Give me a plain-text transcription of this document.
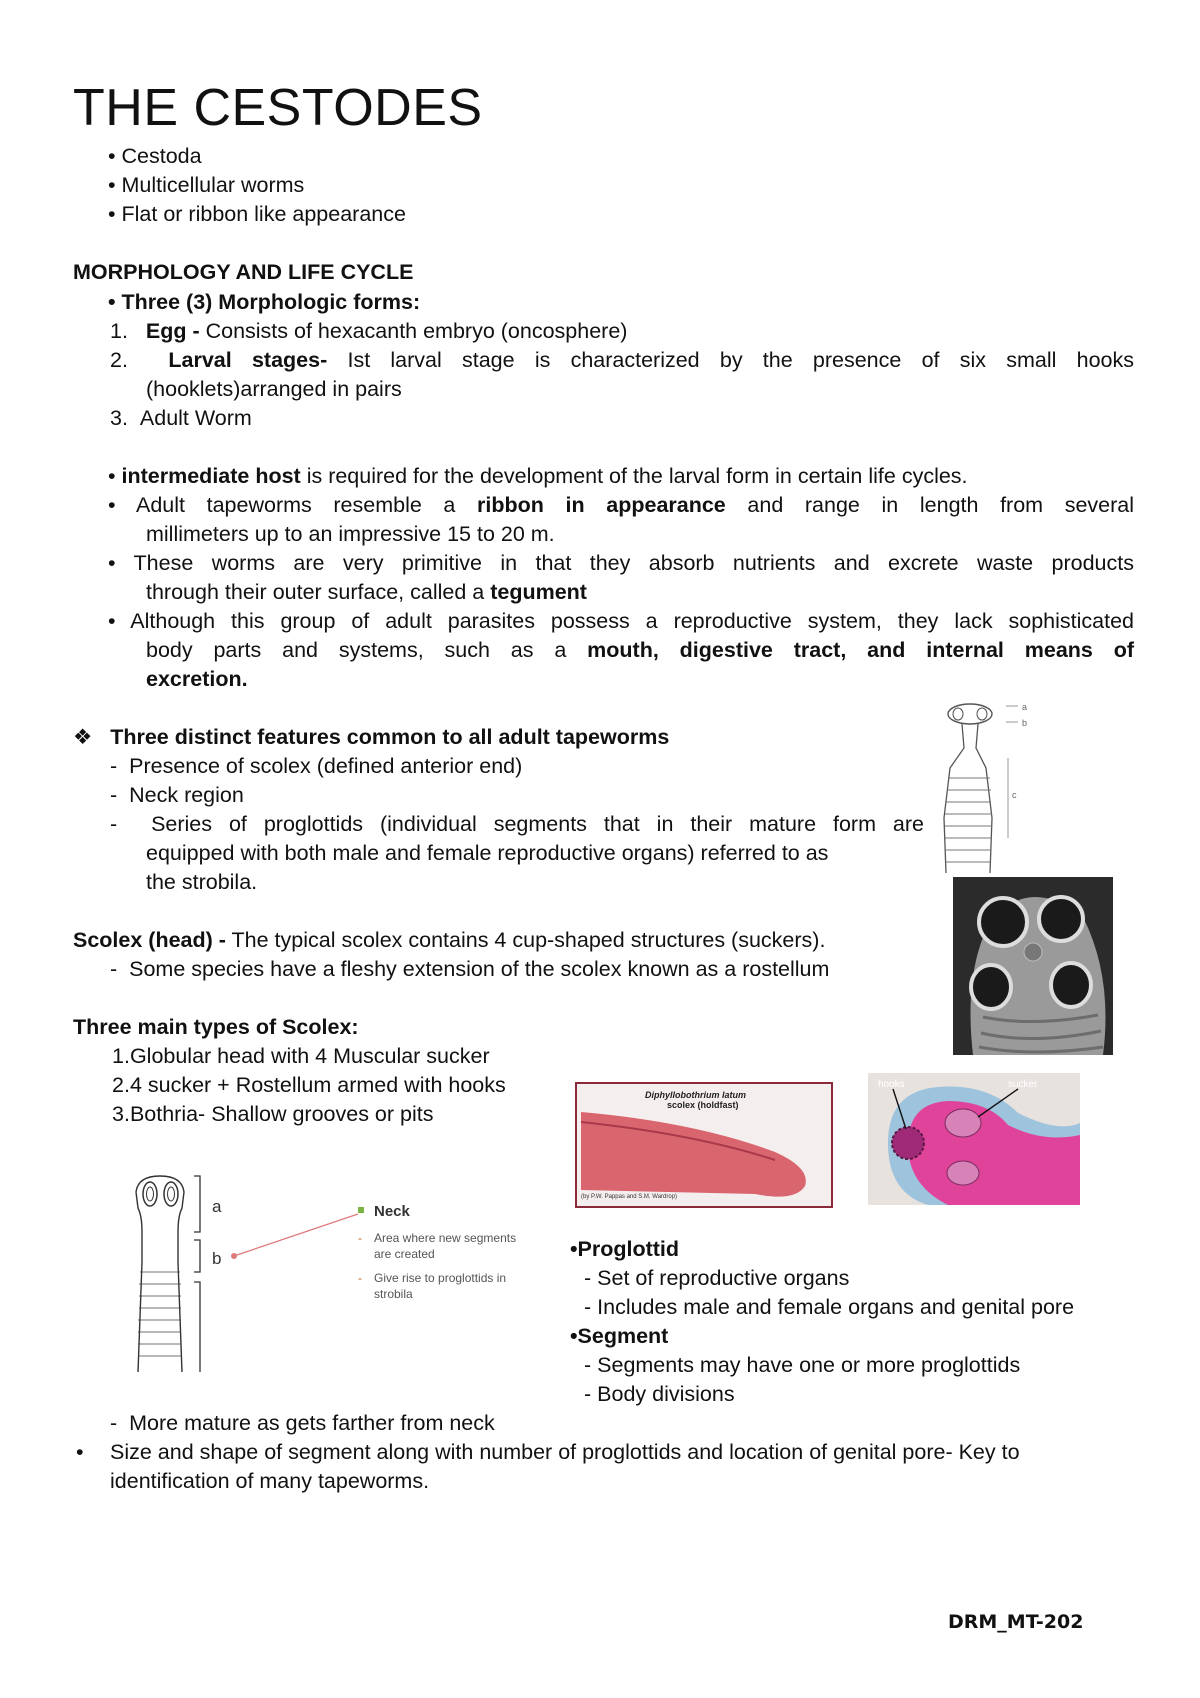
THE CESTODES
• Cestoda
• Multicellular worms
• Flat or ribbon like appearance
MORPHOLOGY AND LIFE CYCLE
• Three (3) Morphologic forms:
1. Egg - Consists of hexacanth embryo (oncosphere)
2. Larval stages- Ist larval stage is characterized by the presence of six small hooks
(hooklets)arranged in pairs
3. Adult Worm
• intermediate host is required for the development of the larval form in certain life cycles.
• Adult tapeworms resemble a ribbon in appearance and range in length from several
millimeters up to an impressive 15 to 20 m.
• These worms are very primitive in that they absorb nutrients and excrete waste products
through their outer surface, called a tegument
• Although this group of adult parasites possess a reproductive system, they lack sophisticated
body parts and systems, such as a mouth, digestive tract, and internal means of
excretion.
❖ Three distinct features common to all adult tapeworms
-  Presence of scolex (defined anterior end)
-  Neck region
-  Series of proglottids (individual segments that in their mature form are
equipped with both male and female reproductive organs) referred to as
the strobila.
Scolex (head) - The typical scolex contains 4 cup-shaped structures (suckers).
-  Some species have a fleshy extension of the scolex known as a rostellum
Three main types of Scolex:
1.Globular head with 4 Muscular sucker
2.4 sucker + Rostellum armed with hooks
3.Bothria- Shallow grooves or pits
a
b
c
Diphyllobothrium latum
scolex (holdfast)
(by P.W. Pappas and S.M. Wardrop)
hooks	sucker
a
b
Neck
- Area where new segments
are created
- Give rise to proglottids in
strobila
•Proglottid
- Set of reproductive organs
- Includes male and female organs and genital pore
•Segment
- Segments may have one or more proglottids
- Body divisions
-  More mature as gets farther from neck
• Size and shape of segment along with number of proglottids and location of genital pore- Key to
identification of many tapeworms.
DRM_MT-202
